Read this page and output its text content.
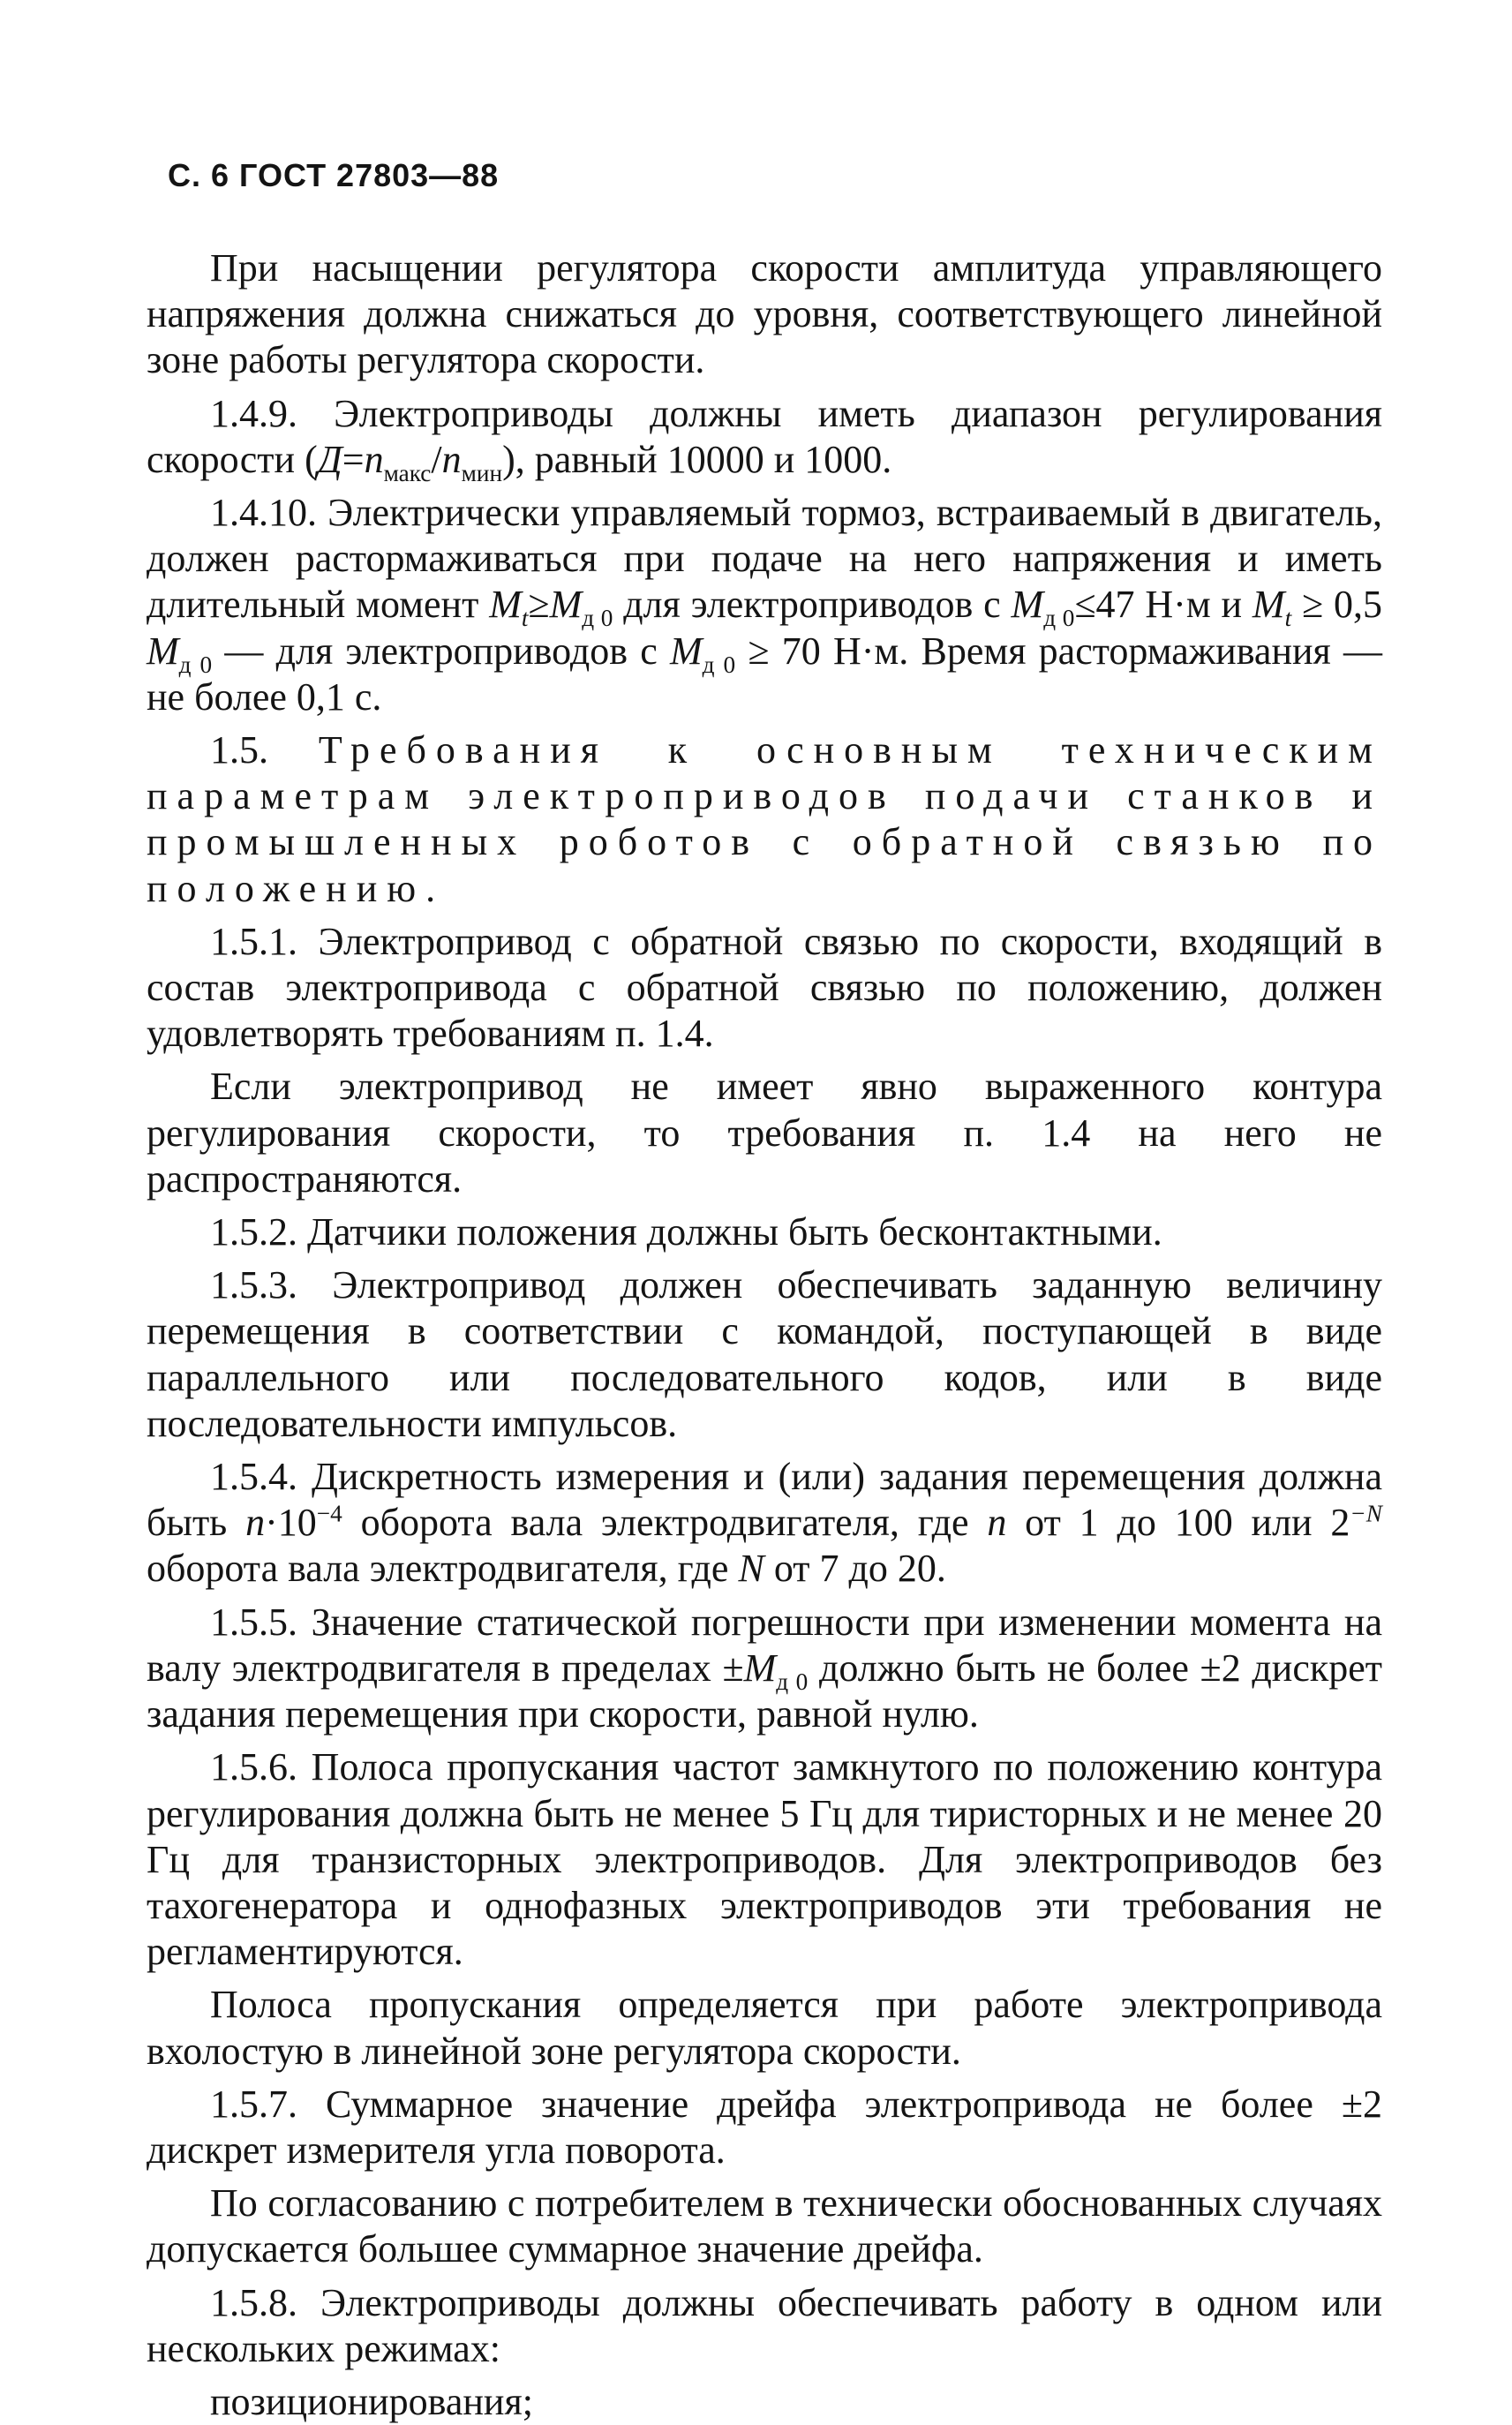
С. 6 ГОСТ 27803—88

При насыщении регулятора скорости амплитуда управляющего напряжения должна снижаться до уровня, соответствующего линейной зоне работы регулятора скорости.

1.4.9. Электроприводы должны иметь диапазон регулирования скорости $(Д=n_{макс}/n_{мин})$, равный 10000 и 1000.

1.4.10. Электрически управляемый тормоз, встраиваемый в двигатель, должен растормаживаться при подаче на него напряжения и иметь длительный момент $M_t\ge M_{д 0}$ для электроприводов с $M_{д 0}\le 47$ Н·м и $M_t \ge 0,5$ $M_{д 0}$ — для электроприводов с $M_{д 0} \ge 70$ Н·м. Время растормаживания — не более 0,1 с.

1.5. Требования к основным техническим параметрам электроприводов подачи станков и промышленных роботов с обратной связью по положению.

1.5.1. Электропривод с обратной связью по скорости, входящий в состав электропривода с обратной связью по положению, должен удовлетворять требованиям п. 1.4.

Если электропривод не имеет явно выраженного контура регулирования скорости, то требования п. 1.4 на него не распространяются.

1.5.2. Датчики положения должны быть бесконтактными.

1.5.3. Электропривод должен обеспечивать заданную величину перемещения в соответствии с командой, поступающей в виде параллельного или последовательного кодов, или в виде последовательности импульсов.

1.5.4. Дискретность измерения и (или) задания перемещения должна быть $n\cdot 10^{-4}$ оборота вала электродвигателя, где n от 1 до 100 или $2^{-N}$ оборота вала электродвигателя, где N от 7 до 20.

1.5.5. Значение статической погрешности при изменении момента на валу электродвигателя в пределах $\pm M_{д 0}$ должно быть не более ±2 дискрет задания перемещения при скорости, равной нулю.

1.5.6. Полоса пропускания частот замкнутого по положению контура регулирования должна быть не менее 5 Гц для тиристорных и не менее 20 Гц для транзисторных электроприводов. Для электроприводов без тахогенератора и однофазных электроприводов эти требования не регламентируются.

Полоса пропускания определяется при работе электропривода вхолостую в линейной зоне регулятора скорости.

1.5.7. Суммарное значение дрейфа электропривода не более ±2 дискрет измерителя угла поворота.

По согласованию с потребителем в технически обоснованных случаях допускается большее суммарное значение дрейфа.

1.5.8. Электроприводы должны обеспечивать работу в одном или нескольких режимах:

позиционирования;
